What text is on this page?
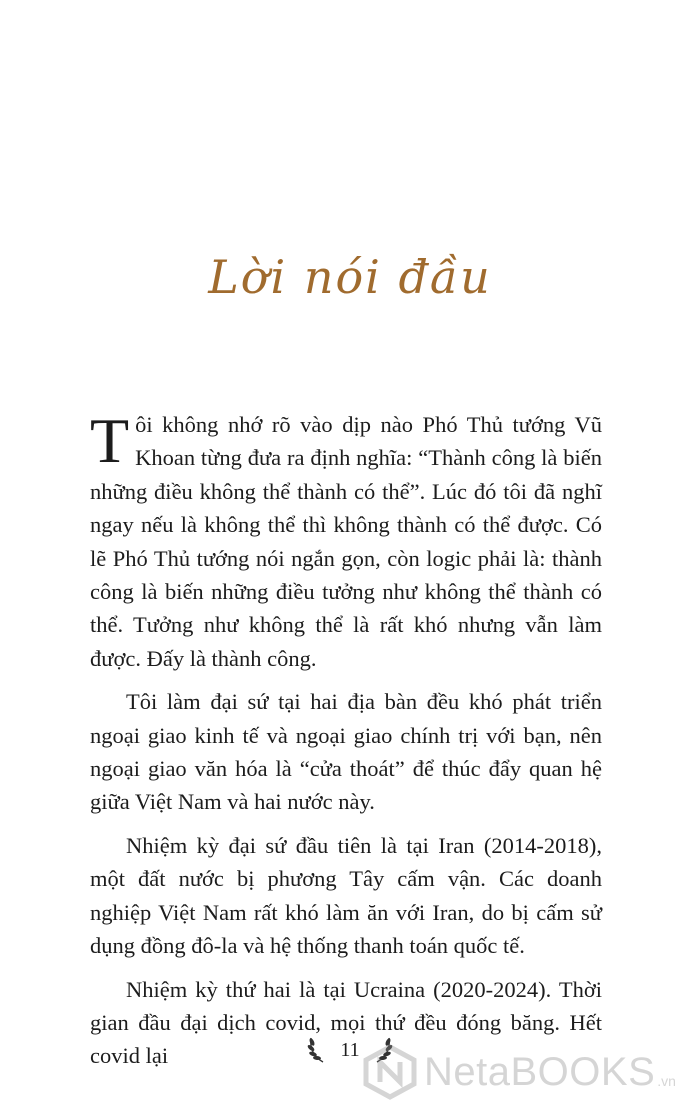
Lời nói đầu

Tôi không nhớ rõ vào dịp nào Phó Thủ tướng Vũ Khoan từng đưa ra định nghĩa: “Thành công là biến những điều không thể thành có thể”. Lúc đó tôi đã nghĩ ngay nếu là không thể thì không thành có thể được. Có lẽ Phó Thủ tướng nói ngắn gọn, còn logic phải là: thành công là biến những điều tưởng như không thể thành có thể. Tưởng như không thể là rất khó nhưng vẫn làm được. Đấy là thành công.

Tôi làm đại sứ tại hai địa bàn đều khó phát triển ngoại giao kinh tế và ngoại giao chính trị với bạn, nên ngoại giao văn hóa là “cửa thoát” để thúc đẩy quan hệ giữa Việt Nam và hai nước này.

Nhiệm kỳ đại sứ đầu tiên là tại Iran (2014-2018), một đất nước bị phương Tây cấm vận. Các doanh nghiệp Việt Nam rất khó làm ăn với Iran, do bị cấm sử dụng đồng đô-la và hệ thống thanh toán quốc tế.

Nhiệm kỳ thứ hai là tại Ucraina (2020-2024). Thời gian đầu đại dịch covid, mọi thứ đều đóng băng. Hết covid lại	11	NetaBOOKS .vn
